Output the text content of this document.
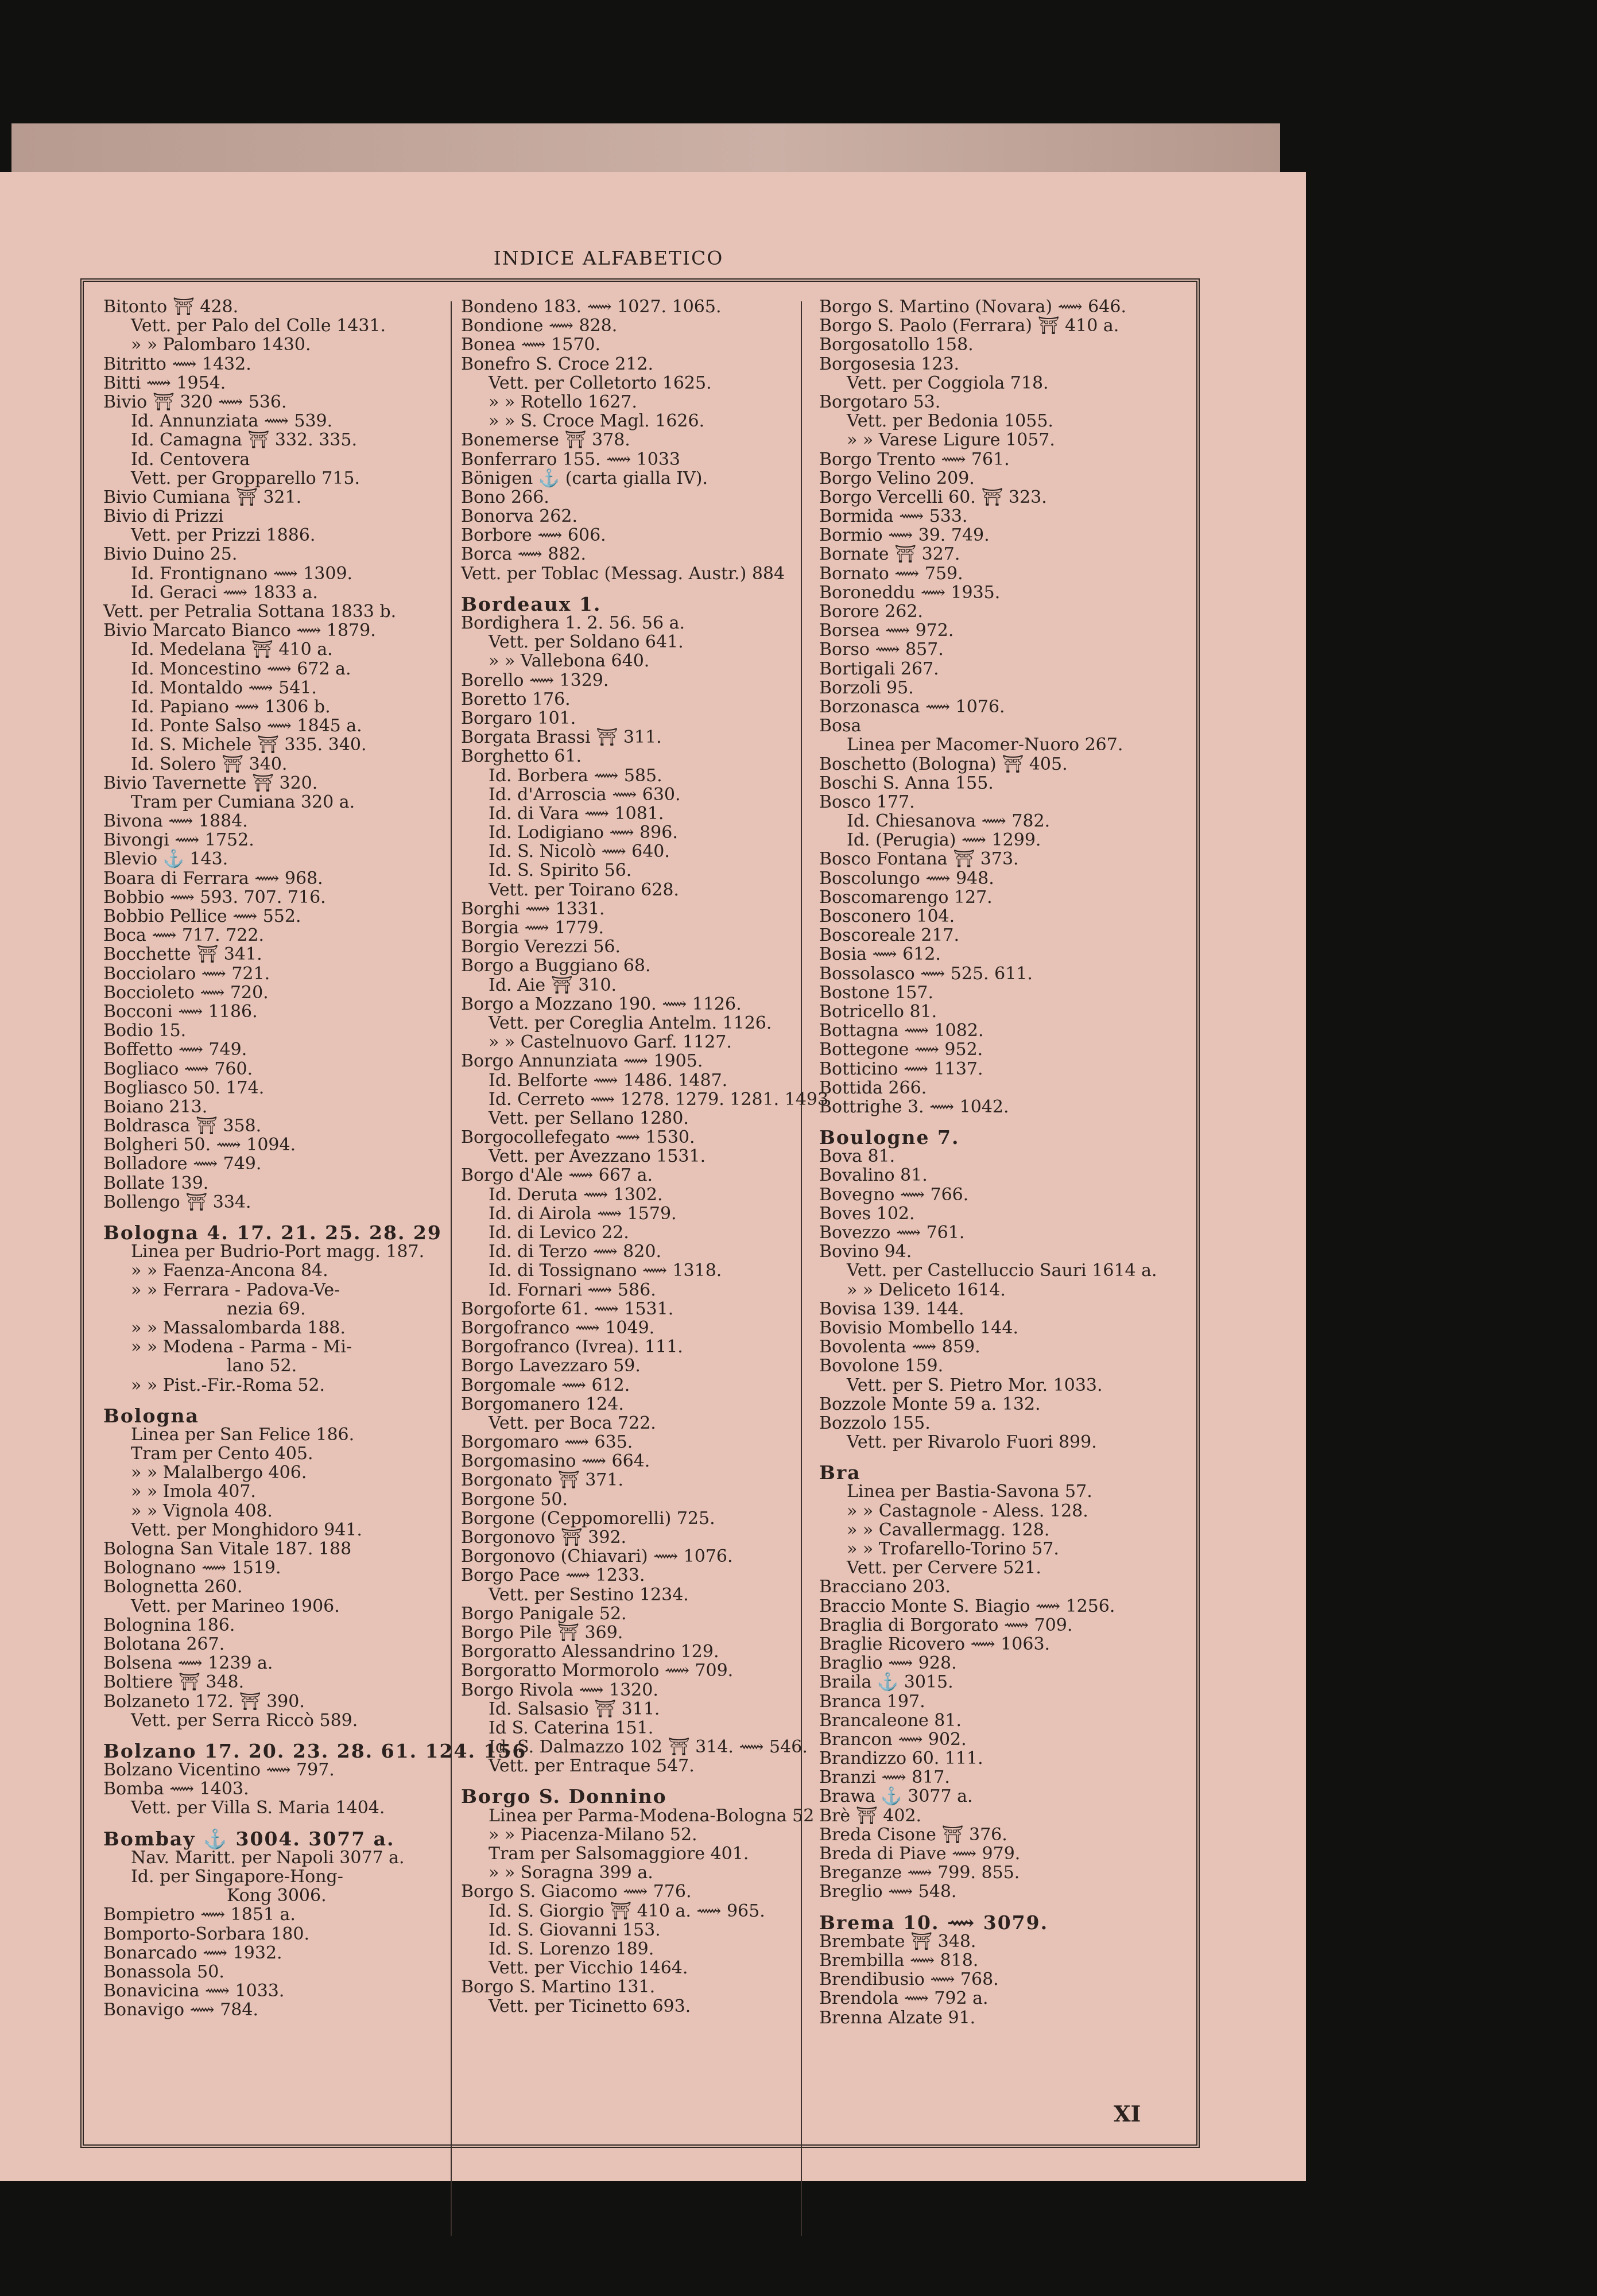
INDICE ALFABETICO
Bitonto ⛩ 428.
Vett. per Palo del Colle 1431.
» » Palombaro 1430.
Bitritto ⟿ 1432.
Bitti ⟿ 1954.
Bivio ⛩ 320 ⟿ 536.
Id. Annunziata ⟿ 539.
Id. Camagna ⛩ 332. 335.
Id. Centovera
Vett. per Gropparello 715.
Bivio Cumiana ⛩ 321.
Bivio di Prizzi
Vett. per Prizzi 1886.
Bivio Duino 25.
Id. Frontignano ⟿ 1309.
Id. Geraci ⟿ 1833 a.
Vett. per Petralia Sottana 1833 b.
Bivio Marcato Bianco ⟿ 1879.
Id. Medelana ⛩ 410 a.
Id. Moncestino ⟿ 672 a.
Id. Montaldo ⟿ 541.
Id. Papiano ⟿ 1306 b.
Id. Ponte Salso ⟿ 1845 a.
Id. S. Michele ⛩ 335. 340.
Id. Solero ⛩ 340.
Bivio Tavernette ⛩ 320.
Tram per Cumiana 320 a.
Bivona ⟿ 1884.
Bivongi ⟿ 1752.
Blevio ⚓ 143.
Boara di Ferrara ⟿ 968.
Bobbio ⟿ 593. 707. 716.
Bobbio Pellice ⟿ 552.
Boca ⟿ 717. 722.
Bocchette ⛩ 341.
Bocciolaro ⟿ 721.
Boccioleto ⟿ 720.
Bocconi ⟿ 1186.
Bodio 15.
Boffetto ⟿ 749.
Bogliaco ⟿ 760.
Bogliasco 50. 174.
Boiano 213.
Boldrasca ⛩ 358.
Bolgheri 50. ⟿ 1094.
Bolladore ⟿ 749.
Bollate 139.
Bollengo ⛩ 334.
Bologna 4. 17. 21. 25. 28. 29
Linea per Budrio-Port magg. 187.
» » Faenza-Ancona 84.
» » Ferrara - Padova-Ve-
nezia 69.
» » Massalombarda 188.
» » Modena - Parma - Mi-
lano 52.
» » Pist.-Fir.-Roma 52.
Bologna
Linea per San Felice 186.
Tram per Cento 405.
» » Malalbergo 406.
» » Imola 407.
» » Vignola 408.
Vett. per Monghidoro 941.
Bologna San Vitale 187. 188
Bolognano ⟿ 1519.
Bolognetta 260.
Vett. per Marineo 1906.
Bolognina 186.
Bolotana 267.
Bolsena ⟿ 1239 a.
Boltiere ⛩ 348.
Bolzaneto 172. ⛩ 390.
Vett. per Serra Riccò 589.
Bolzano 17. 20. 23. 28. 61. 124. 156
Bolzano Vicentino ⟿ 797.
Bomba ⟿ 1403.
Vett. per Villa S. Maria 1404.
Bombay ⚓ 3004. 3077 a.
Nav. Maritt. per Napoli 3077 a.
Id. per Singapore-Hong-
Kong 3006.
Bompietro ⟿ 1851 a.
Bomporto-Sorbara 180.
Bonarcado ⟿ 1932.
Bonassola 50.
Bonavicina ⟿ 1033.
Bonavigo ⟿ 784.
Bondeno 183. ⟿ 1027. 1065.
Bondione ⟿ 828.
Bonea ⟿ 1570.
Bonefro S. Croce 212.
Vett. per Colletorto 1625.
» » Rotello 1627.
» » S. Croce Magl. 1626.
Bonemerse ⛩ 378.
Bonferraro 155. ⟿ 1033
Bönigen ⚓ (carta gialla IV).
Bono 266.
Bonorva 262.
Borbore ⟿ 606.
Borca ⟿ 882.
Vett. per Toblac (Messag. Austr.) 884
Bordeaux 1.
Bordighera 1. 2. 56. 56 a.
Vett. per Soldano 641.
» » Vallebona 640.
Borello ⟿ 1329.
Boretto 176.
Borgaro 101.
Borgata Brassi ⛩ 311.
Borghetto 61.
Id. Borbera ⟿ 585.
Id. d'Arroscia ⟿ 630.
Id. di Vara ⟿ 1081.
Id. Lodigiano ⟿ 896.
Id. S. Nicolò ⟿ 640.
Id. S. Spirito 56.
Vett. per Toirano 628.
Borghi ⟿ 1331.
Borgia ⟿ 1779.
Borgio Verezzi 56.
Borgo a Buggiano 68.
Id. Aie ⛩ 310.
Borgo a Mozzano 190. ⟿ 1126.
Vett. per Coreglia Antelm. 1126.
» » Castelnuovo Garf. 1127.
Borgo Annunziata ⟿ 1905.
Id. Belforte ⟿ 1486. 1487.
Id. Cerreto ⟿ 1278. 1279. 1281. 1493
Vett. per Sellano 1280.
Borgocollefegato ⟿ 1530.
Vett. per Avezzano 1531.
Borgo d'Ale ⟿ 667 a.
Id. Deruta ⟿ 1302.
Id. di Airola ⟿ 1579.
Id. di Levico 22.
Id. di Terzo ⟿ 820.
Id. di Tossignano ⟿ 1318.
Id. Fornari ⟿ 586.
Borgoforte 61. ⟿ 1531.
Borgofranco ⟿ 1049.
Borgofranco (Ivrea). 111.
Borgo Lavezzaro 59.
Borgomale ⟿ 612.
Borgomanero 124.
Vett. per Boca 722.
Borgomaro ⟿ 635.
Borgomasino ⟿ 664.
Borgonato ⛩ 371.
Borgone 50.
Borgone (Ceppomorelli) 725.
Borgonovo ⛩ 392.
Borgonovo (Chiavari) ⟿ 1076.
Borgo Pace ⟿ 1233.
Vett. per Sestino 1234.
Borgo Panigale 52.
Borgo Pile ⛩ 369.
Borgoratto Alessandrino 129.
Borgoratto Mormorolo ⟿ 709.
Borgo Rivola ⟿ 1320.
Id. Salsasio ⛩ 311.
Id S. Caterina 151.
Id. S. Dalmazzo 102 ⛩ 314. ⟿ 546.
Vett. per Entraque 547.
Borgo S. Donnino
Linea per Parma-Modena-Bologna 52
» » Piacenza-Milano 52.
Tram per Salsomaggiore 401.
» » Soragna 399 a.
Borgo S. Giacomo ⟿ 776.
Id. S. Giorgio ⛩ 410 a. ⟿ 965.
Id. S. Giovanni 153.
Id. S. Lorenzo 189.
Vett. per Vicchio 1464.
Borgo S. Martino 131.
Vett. per Ticinetto 693.
Borgo S. Martino (Novara) ⟿ 646.
Borgo S. Paolo (Ferrara) ⛩ 410 a.
Borgosatollo 158.
Borgosesia 123.
Vett. per Coggiola 718.
Borgotaro 53.
Vett. per Bedonia 1055.
» » Varese Ligure 1057.
Borgo Trento ⟿ 761.
Borgo Velino 209.
Borgo Vercelli 60. ⛩ 323.
Bormida ⟿ 533.
Bormio ⟿ 39. 749.
Bornate ⛩ 327.
Bornato ⟿ 759.
Boroneddu ⟿ 1935.
Borore 262.
Borsea ⟿ 972.
Borso ⟿ 857.
Bortigali 267.
Borzoli 95.
Borzonasca ⟿ 1076.
Bosa
Linea per Macomer-Nuoro 267.
Boschetto (Bologna) ⛩ 405.
Boschi S. Anna 155.
Bosco 177.
Id. Chiesanova ⟿ 782.
Id. (Perugia) ⟿ 1299.
Bosco Fontana ⛩ 373.
Boscolungo ⟿ 948.
Boscomarengo 127.
Bosconero 104.
Boscoreale 217.
Bosia ⟿ 612.
Bossolasco ⟿ 525. 611.
Bostone 157.
Botricello 81.
Bottagna ⟿ 1082.
Bottegone ⟿ 952.
Botticino ⟿ 1137.
Bottida 266.
Bottrighe 3. ⟿ 1042.
Boulogne 7.
Bova 81.
Bovalino 81.
Bovegno ⟿ 766.
Boves 102.
Bovezzo ⟿ 761.
Bovino 94.
Vett. per Castelluccio Sauri 1614 a.
» » Deliceto 1614.
Bovisa 139. 144.
Bovisio Mombello 144.
Bovolenta ⟿ 859.
Bovolone 159.
Vett. per S. Pietro Mor. 1033.
Bozzole Monte 59 a. 132.
Bozzolo 155.
Vett. per Rivarolo Fuori 899.
Bra
Linea per Bastia-Savona 57.
» » Castagnole - Aless. 128.
» » Cavallermagg. 128.
» » Trofarello-Torino 57.
Vett. per Cervere 521.
Bracciano 203.
Braccio Monte S. Biagio ⟿ 1256.
Braglia di Borgorato ⟿ 709.
Braglie Ricovero ⟿ 1063.
Braglio ⟿ 928.
Braila ⚓ 3015.
Branca 197.
Brancaleone 81.
Brancon ⟿ 902.
Brandizzo 60. 111.
Branzi ⟿ 817.
Brawa ⚓ 3077 a.
Brè ⛩ 402.
Breda Cisone ⛩ 376.
Breda di Piave ⟿ 979.
Breganze ⟿ 799. 855.
Breglio ⟿ 548.
Brema 10. ⟿ 3079.
Brembate ⛩ 348.
Brembilla ⟿ 818.
Brendibusio ⟿ 768.
Brendola ⟿ 792 a.
Brenna Alzate 91.
XI
